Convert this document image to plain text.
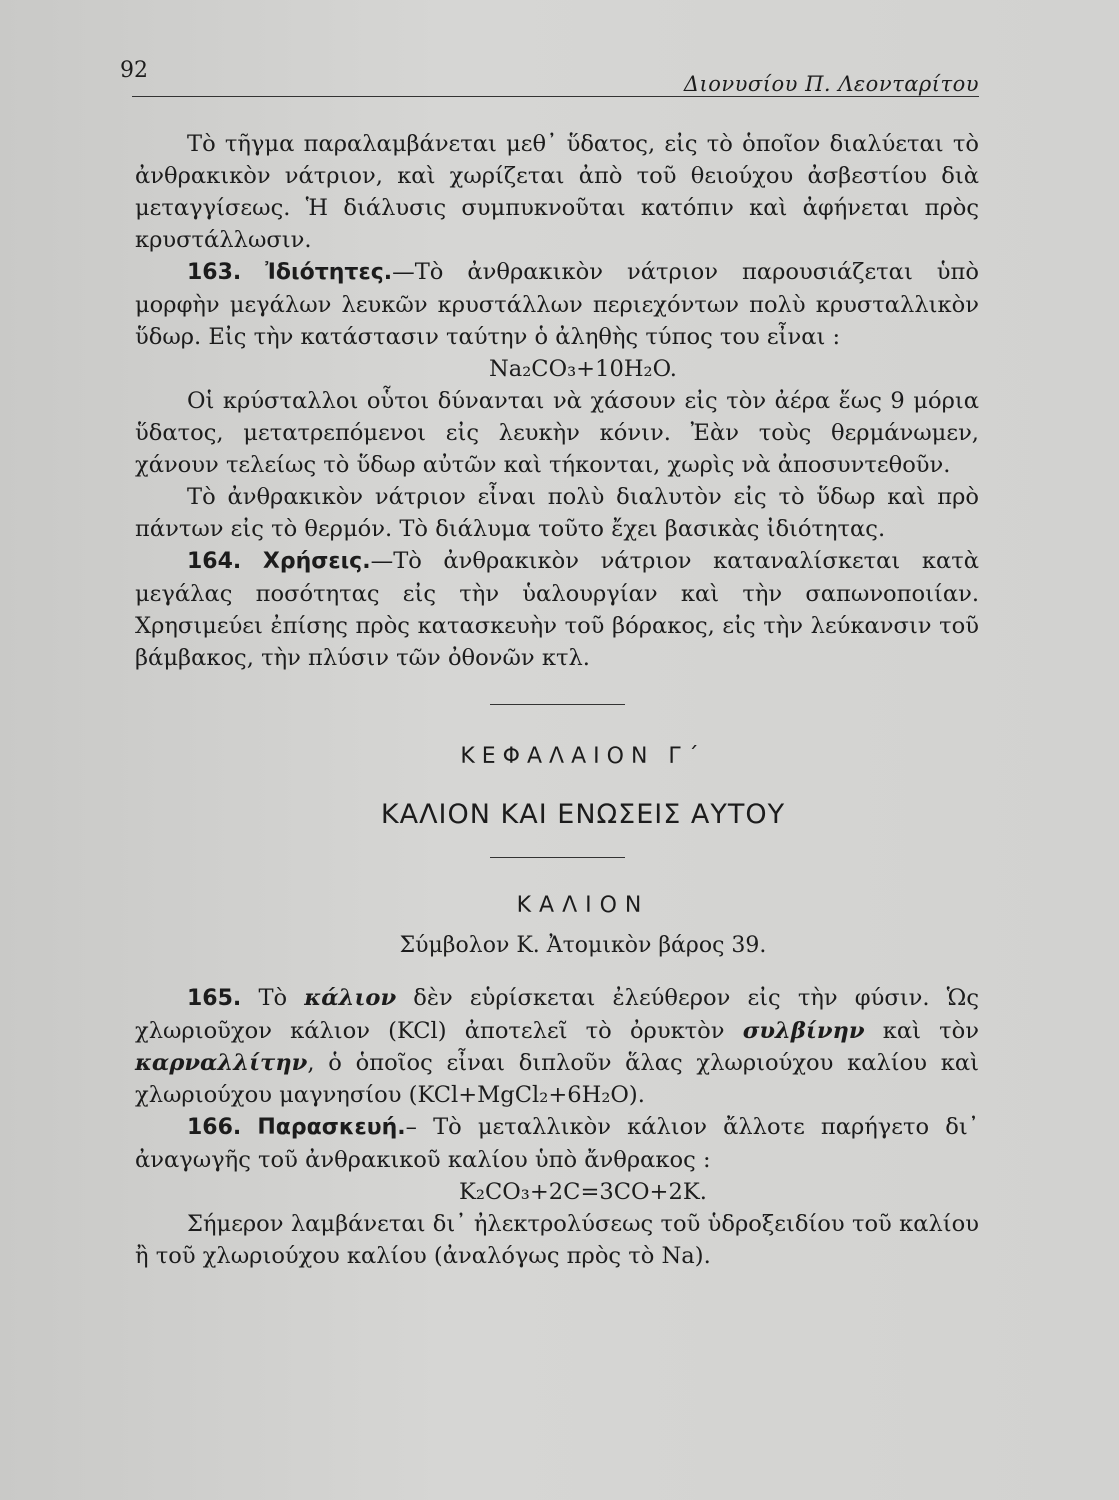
92
Διονυσίου Π. Λεονταρίτου

Τὸ τῆγμα παραλαμβάνεται μεθ᾽ ὕδατος, εἰς τὸ ὁποῖον διαλύεται τὸ ἀνθρακικὸν νάτριον, καὶ χωρίζεται ἀπὸ τοῦ θειούχου ἀσβεστίου διὰ μεταγγίσεως. Ἡ διάλυσις συμπυκνοῦται κατόπιν καὶ ἀφήνεται πρὸς κρυστάλλωσιν.

163. Ἰδιότητες.—Τὸ ἀνθρακικὸν νάτριον παρουσιάζεται ὑπὸ μορφὴν μεγάλων λευκῶν κρυστάλλων περιεχόντων πολὺ κρυσταλλικὸν ὕδωρ. Εἰς τὴν κατάστασιν ταύτην ὁ ἀληθὴς τύπος του εἶναι :

Na₂CO₃+10H₂O.

Οἱ κρύσταλλοι οὗτοι δύνανται νὰ χάσουν εἰς τὸν ἀέρα ἕως 9 μόρια ὕδατος, μετατρεπόμενοι εἰς λευκὴν κόνιν. Ἐὰν τοὺς θερμάνωμεν, χάνουν τελείως τὸ ὕδωρ αὐτῶν καὶ τήκονται, χωρὶς νὰ ἀποσυντεθοῦν.

Τὸ ἀνθρακικὸν νάτριον εἶναι πολὺ διαλυτὸν εἰς τὸ ὕδωρ καὶ πρὸ πάντων εἰς τὸ θερμόν. Τὸ διάλυμα τοῦτο ἔχει βασικὰς ἰδιότητας.

164. Χρήσεις.—Τὸ ἀνθρακικὸν νάτριον καταναλίσκεται κατὰ μεγάλας ποσότητας εἰς τὴν ὑαλουργίαν καὶ τὴν σαπωνοποιίαν. Χρησιμεύει ἐπίσης πρὸς κατασκευὴν τοῦ βόρακος, εἰς τὴν λεύκανσιν τοῦ βάμβακος, τὴν πλύσιν τῶν ὀθονῶν κτλ.

ΚΕΦΑΛΑΙΟΝ Γ΄

ΚΑΛΙΟΝ ΚΑΙ ΕΝΩΣΕΙΣ ΑΥΤΟΥ

ΚΑΛΙΟΝ

Σύμβολον Κ. Ἀτομικὸν βάρος 39.

165. Τὸ κάλιον δὲν εὑρίσκεται ἐλεύθερον εἰς τὴν φύσιν. Ὡς χλωριοῦχον κάλιον (KCl) ἀποτελεῖ τὸ ὀρυκτὸν συλβίνην καὶ τὸν καρναλλίτην, ὁ ὁποῖος εἶναι διπλοῦν ἅλας χλωριούχου καλίου καὶ χλωριούχου μαγνησίου (KCl+MgCl₂+6H₂O).

166. Παρασκευή.– Τὸ μεταλλικὸν κάλιον ἄλλοτε παρήγετο δι᾽ ἀναγωγῆς τοῦ ἀνθρακικοῦ καλίου ὑπὸ ἄνθρακος :

K₂CO₃+2C=3CO+2K.

Σήμερον λαμβάνεται δι᾽ ἠλεκτρολύσεως τοῦ ὑδροξειδίου τοῦ καλίου ἢ τοῦ χλωριούχου καλίου (ἀναλόγως πρὸς τὸ Na).
